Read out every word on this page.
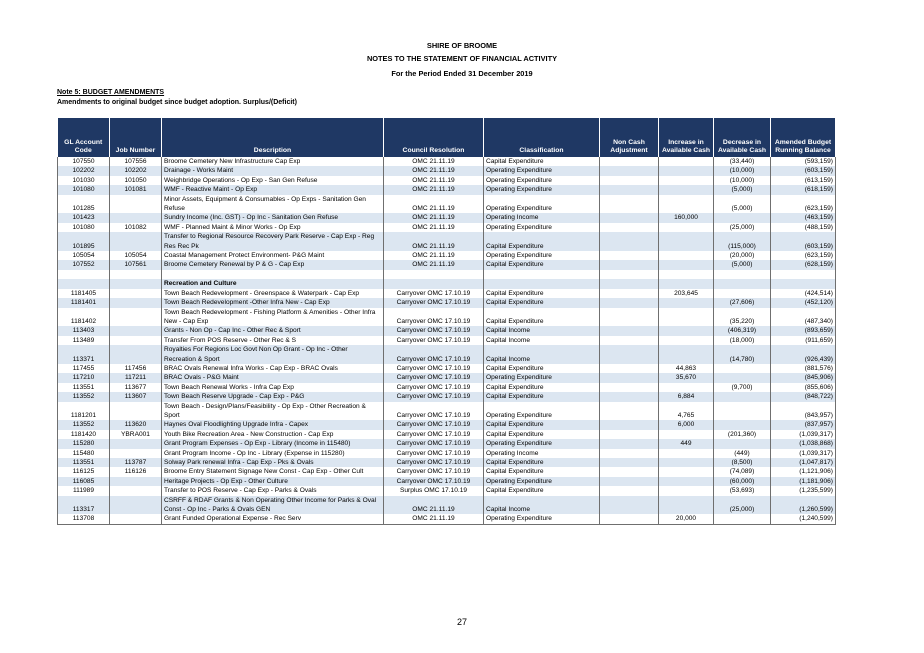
SHIRE OF BROOME
NOTES TO THE STATEMENT OF FINANCIAL ACTIVITY
For the Period Ended 31 December 2019
Note 5: BUDGET AMENDMENTS
Amendments to original budget since budget adoption. Surplus/(Deficit)
GL Account Code	Job Number	Description	Council Resolution	Classification	Non Cash Adjustment	Increase in Available Cash	Decrease in Available Cash	Amended Budget Running Balance
107550	107556	Broome Cemetery New Infrastructure Cap Exp	OMC 21.11.19	Capital Expenditure			(33,440)	(593,159)
102202	102202	Drainage - Works Maint	OMC 21.11.19	Operating Expenditure			(10,000)	(603,159)
101030	101050	Weighbridge Operations - Op Exp - San Gen Refuse	OMC 21.11.19	Operating Expenditure			(10,000)	(613,159)
101080	101081	WMF - Reactive Maint - Op Exp	OMC 21.11.19	Operating Expenditure			(5,000)	(618,159)
101285		Minor Assets, Equipment & Consumables - Op Exps - Sanitation Gen Refuse	OMC 21.11.19	Operating Expenditure			(5,000)	(623,159)
101423		Sundry Income (Inc. GST) - Op Inc - Sanitation Gen Refuse	OMC 21.11.19	Operating Income		160,000		(463,159)
101080	101082	WMF - Planned Maint & Minor Works - Op Exp	OMC 21.11.19	Operating Expenditure			(25,000)	(488,159)
101895		Transfer to Regional Resource Recovery Park Reserve - Cap Exp - Reg Res Rec Pk	OMC 21.11.19	Capital Expenditure			(115,000)	(603,159)
105054	105054	Coastal Management Protect Environment- P&G Maint	OMC 21.11.19	Operating Expenditure			(20,000)	(623,159)
107552	107561	Broome Cemetery Renewal by P & G - Cap Exp	OMC 21.11.19	Capital Expenditure			(5,000)	(628,159)

		Recreation and Culture						
1181405		Town Beach Redevelopment - Greenspace & Waterpark - Cap Exp	Carryover OMC 17.10.19	Capital Expenditure		203,645		(424,514)
1181401		Town Beach Redevelopment -Other Infra New - Cap Exp	Carryover OMC 17.10.19	Capital Expenditure			(27,606)	(452,120)
1181402		Town Beach Redevelopment - Fishing Platform & Amenities - Other Infra New - Cap Exp	Carryover OMC 17.10.19	Capital Expenditure			(35,220)	(487,340)
113403		Grants - Non Op - Cap Inc - Other Rec & Sport	Carryover OMC 17.10.19	Capital Income			(406,319)	(893,659)
113489		Transfer From POS Reserve - Other Rec & S	Carryover OMC 17.10.19	Capital Income			(18,000)	(911,659)
113371		Royalties For Regions Loc Govt Non Op Grant - Op Inc - Other Recreation & Sport	Carryover OMC 17.10.19	Capital Income			(14,780)	(926,439)
117455	117456	BRAC Ovals Renewal Infra Works - Cap Exp - BRAC Ovals	Carryover OMC 17.10.19	Capital Expenditure		44,863		(881,576)
117210	117211	BRAC Ovals - P&G Maint	Carryover OMC 17.10.19	Operating Expenditure		35,670		(845,906)
113551	113677	Town Beach Renewal Works - Infra Cap Exp	Carryover OMC 17.10.19	Capital Expenditure			(9,700)	(855,606)
113552	113607	Town Beach Reserve Upgrade - Cap Exp - P&G	Carryover OMC 17.10.19	Capital Expenditure		6,884		(848,722)
1181201		Town Beach - Design/Plans/Feasibility - Op Exp - Other Recreation & Sport	Carryover OMC 17.10.19	Operating Expenditure		4,765		(843,957)
113552	113620	Haynes Oval Floodlighting Upgrade Infra - Capex	Carryover OMC 17.10.19	Capital Expenditure		6,000		(837,957)
1181420	YBRA001	Youth Bike Recreation Area - New Construction - Cap Exp	Carryover OMC 17.10.19	Capital Expenditure			(201,360)	(1,039,317)
115280		Grant Program Expenses - Op Exp - Library (Income in 115480)	Carryover OMC 17.10.19	Operating Expenditure		449		(1,038,868)
115480		Grant Program Income - Op Inc - Library (Expense in 115280)	Carryover OMC 17.10.19	Operating Income			(449)	(1,039,317)
113551	113787	Solway Park renewal Infra - Cap Exp - Pks & Ovals	Carryover OMC 17.10.19	Capital Expenditure			(8,500)	(1,047,817)
116125	116126	Broome Entry Statement Signage New Const - Cap Exp - Other Cult	Carryover OMC 17.10.19	Capital Expenditure			(74,089)	(1,121,906)
116085		Heritage Projects - Op Exp - Other Culture	Carryover OMC 17.10.19	Operating Expenditure			(60,000)	(1,181,906)
111989		Transfer to POS Reserve - Cap Exp - Parks & Ovals	Surplus OMC 17.10.19	Capital Expenditure			(53,693)	(1,235,599)
113317		CSRFF & RDAF Grants & Non Operating Other Income for Parks & Oval Const - Op Inc - Parks & Ovals GEN	OMC 21.11.19	Capital Income			(25,000)	(1,260,599)
113708		Grant Funded Operational Expense - Rec Serv	OMC 21.11.19	Operating Expenditure		20,000		(1,240,599)
27
